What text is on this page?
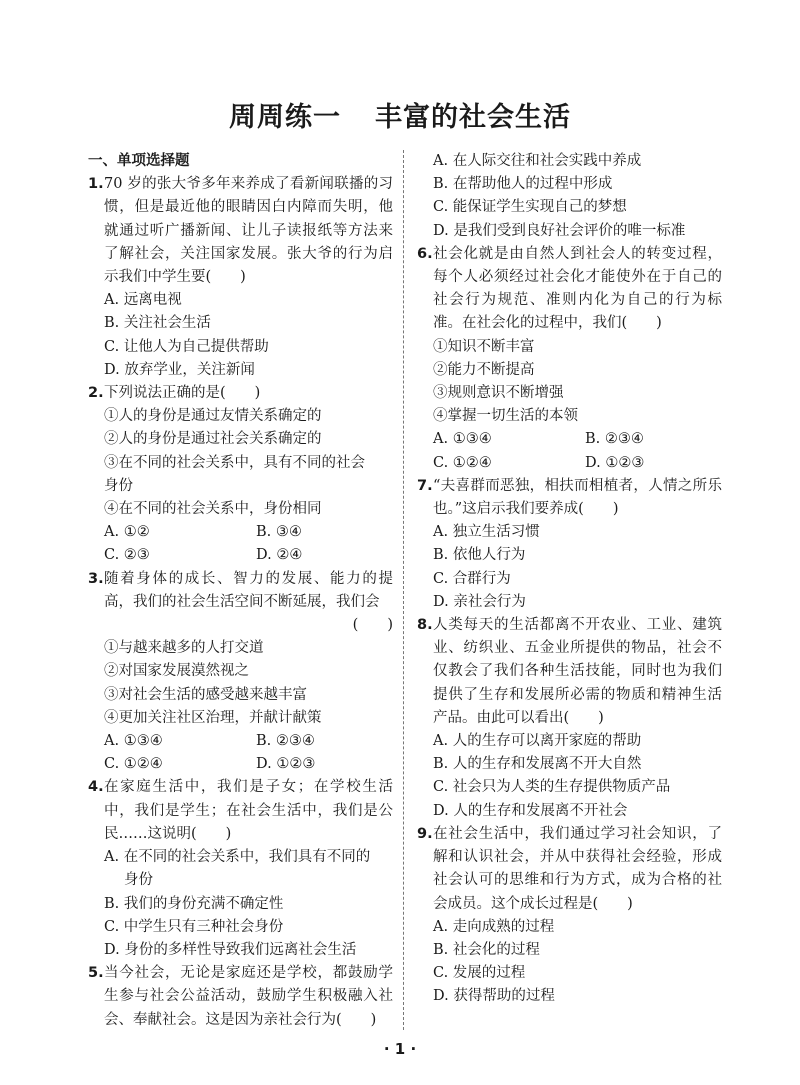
周周练一 丰富的社会生活
一、单项选择题
1. 70 岁的张大爷多年来养成了看新闻联播的习惯，但是最近他的眼睛因白内障而失明，他就通过听广播新闻、让儿子读报纸等方法来了解社会，关注国家发展。张大爷的行为启示我们中学生要(　　)
A. 远离电视
B. 关注社会生活
C. 让他人为自己提供帮助
D. 放弃学业，关注新闻
2. 下列说法正确的是(　　)
①人的身份是通过友情关系确定的
②人的身份是通过社会关系确定的
③在不同的社会关系中，具有不同的社会
身份
④在不同的社会关系中，身份相同
A. ①②	B. ③④
C. ②③	D. ②④
3. 随着身体的成长、智力的发展、能力的提高，我们的社会生活空间不断延展，我们会
(　　)
①与越来越多的人打交道
②对国家发展漠然视之
③对社会生活的感受越来越丰富
④更加关注社区治理，并献计献策
A. ①③④	B. ②③④
C. ①②④	D. ①②③
4. 在家庭生活中，我们是子女；在学校生活中，我们是学生；在社会生活中，我们是公民……这说明(　　)
A. 在不同的社会关系中，我们具有不同的
身份
B. 我们的身份充满不确定性
C. 中学生只有三种社会身份
D. 身份的多样性导致我们远离社会生活
5. 当今社会，无论是家庭还是学校，都鼓励学生参与社会公益活动，鼓励学生积极融入社会、奉献社会。这是因为亲社会行为(　　)
A. 在人际交往和社会实践中养成
B. 在帮助他人的过程中形成
C. 能保证学生实现自己的梦想
D. 是我们受到良好社会评价的唯一标准
6. 社会化就是由自然人到社会人的转变过程，每个人必须经过社会化才能使外在于自己的社会行为规范、准则内化为自己的行为标准。在社会化的过程中，我们(　　)
①知识不断丰富
②能力不断提高
③规则意识不断增强
④掌握一切生活的本领
A. ①③④	B. ②③④
C. ①②④	D. ①②③
7. “夫喜群而恶独，相扶而相植者，人情之所乐也。”这启示我们要养成(　　)
A. 独立生活习惯
B. 依他人行为
C. 合群行为
D. 亲社会行为
8. 人类每天的生活都离不开农业、工业、建筑业、纺织业、五金业所提供的物品，社会不仅教会了我们各种生活技能，同时也为我们提供了生存和发展所必需的物质和精神生活产品。由此可以看出(　　)
A. 人的生存可以离开家庭的帮助
B. 人的生存和发展离不开大自然
C. 社会只为人类的生存提供物质产品
D. 人的生存和发展离不开社会
9. 在社会生活中，我们通过学习社会知识，了解和认识社会，并从中获得社会经验，形成社会认可的思维和行为方式，成为合格的社会成员。这个成长过程是(　　)
A. 走向成熟的过程
B. 社会化的过程
C. 发展的过程
D. 获得帮助的过程
· 1 ·
